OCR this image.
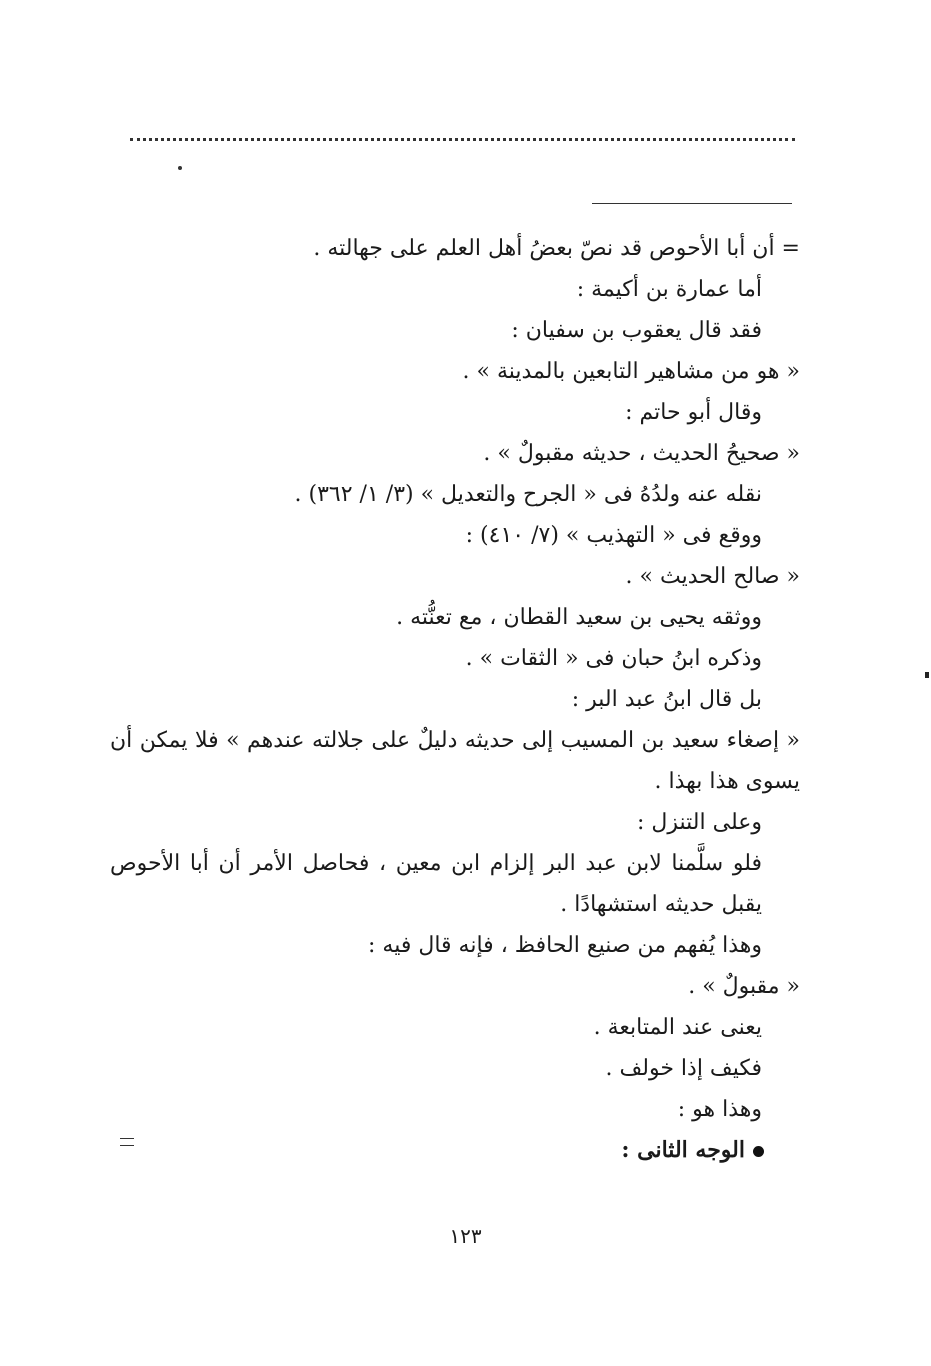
= أن أبا الأحوص قد نصّ بعضُ أهل العلم على جهالته .
أما عمارة بن أكيمة :
فقد قال يعقوب بن سفيان :
« هو من مشاهير التابعين بالمدينة » .
وقال أبو حاتم :
« صحيحُ الحديث ، حديثه مقبولٌ » .
نقله عنه ولدُهُ فى « الجرح والتعديل » (٣/ ١/ ٣٦٢) .
ووقع فى « التهذيب » (٧/ ٤١٠) :
« صالح الحديث » .
ووثقه يحيى بن سعيد القطان ، مع تعنُّته .
وذكره ابنُ حبان فى « الثقات » .
بل قال ابنُ عبد البر :
« إصغاء سعيد بن المسيب إلى حديثه دليلٌ على جلالته عندهم » فلا يمكن أن يسوى هذا بهذا .
وعلى التنزل :
فلو سلَّمنا لابن عبد البر إلزام ابن معين ، فحاصل الأمر أن أبا الأحوص يقبل حديثه استشهادًا .
وهذا يُفهم من صنيع الحافظ ، فإنه قال فيه :
« مقبولٌ » .
يعنى عند المتابعة .
فكيف إذا خولف .
وهذا هو :
الوجه الثانى :
١٢٣
